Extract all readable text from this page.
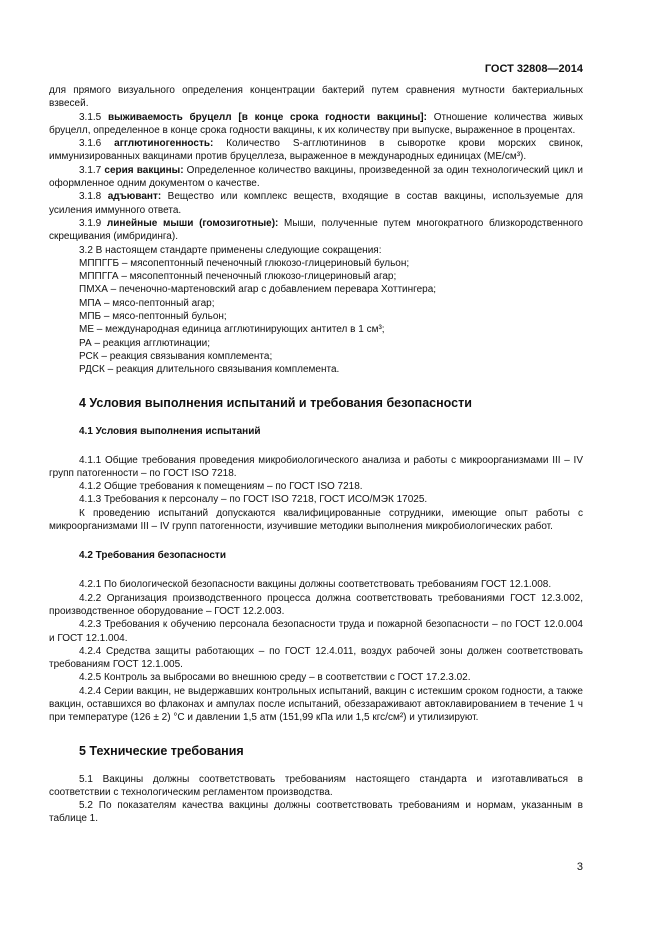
ГОСТ 32808—2014

для прямого визуального определения концентрации бактерий путем сравнения мутности бактериальных взвесей.

3.1.5 выживаемость бруцелл [в конце срока годности вакцины]: Отношение количества живых бруцелл, определенное в конце срока годности вакцины, к их количеству при выпуске, выраженное в процентах.

3.1.6 агглютиногенность: Количество S-агглютининов в сыворотке крови морских свинок, иммунизированных вакцинами против бруцеллеза, выраженное в международных единицах (МЕ/см³).

3.1.7 серия вакцины: Определенное количество вакцины, произведенной за один технологический цикл и оформленное одним документом о качестве.

3.1.8 адъювант: Вещество или комплекс веществ, входящие в состав вакцины, используемые для усиления иммунного ответа.

3.1.9 линейные мыши (гомозиготные): Мыши, полученные путем многократного близкородственного скрещивания (имбридинга).

3.2 В настоящем стандарте применены следующие сокращения:

МППГГБ – мясопептонный печеночный глюкозо-глицериновый бульон;

МППГГА – мясопептонный печеночный глюкозо-глицериновый агар;

ПМХА – печеночно-мартеновский агар с добавлением перевара Хоттингера;

МПА – мясо-пептонный агар;

МПБ – мясо-пептонный бульон;

МЕ – международная единица агглютинирующих антител в 1 см³;

РА – реакция агглютинации;

РСК – реакция связывания комплемента;

РДСК – реакция длительного связывания комплемента.

4 Условия выполнения испытаний и требования безопасности
4.1 Условия выполнения испытаний

4.1.1 Общие требования проведения микробиологического анализа и работы с микроорганизмами III – IV групп патогенности – по ГОСТ ISO 7218.

4.1.2 Общие требования к помещениям – по ГОСТ ISO 7218.

4.1.3 Требования к персоналу – по ГОСТ ISO 7218, ГОСТ ИСО/МЭК 17025.

К проведению испытаний допускаются квалифицированные сотрудники, имеющие опыт работы с микроорганизмами III – IV групп патогенности, изучившие методики выполнения микробиологических работ.

4.2 Требования безопасности

4.2.1 По биологической безопасности вакцины должны соответствовать требованиям ГОСТ 12.1.008.

4.2.2 Организация производственного процесса должна соответствовать требованиями ГОСТ 12.3.002, производственное оборудование – ГОСТ 12.2.003.

4.2.3 Требования к обучению персонала безопасности труда и пожарной безопасности – по ГОСТ 12.0.004 и ГОСТ 12.1.004.

4.2.4 Средства защиты работающих – по ГОСТ 12.4.011, воздух рабочей зоны должен соответствовать требованиям ГОСТ 12.1.005.

4.2.5 Контроль за выбросами во внешнюю среду – в соответствии с ГОСТ 17.2.3.02.

4.2.4 Серии вакцин, не выдержавших контрольных испытаний, вакцин с истекшим сроком годности, а также вакцин, оставшихся во флаконах и ампулах после испытаний, обеззараживают автоклавированием в течение 1 ч при температуре (126 ± 2) °С и давлении 1,5 атм (151,99 кПа или 1,5 кгс/см²) и утилизируют.

5 Технические требования

5.1 Вакцины должны соответствовать требованиям настоящего стандарта и изготавливаться в соответствии с технологическим регламентом производства.

5.2 По показателям качества вакцины должны соответствовать требованиям и нормам, указанным в таблице 1.

3
